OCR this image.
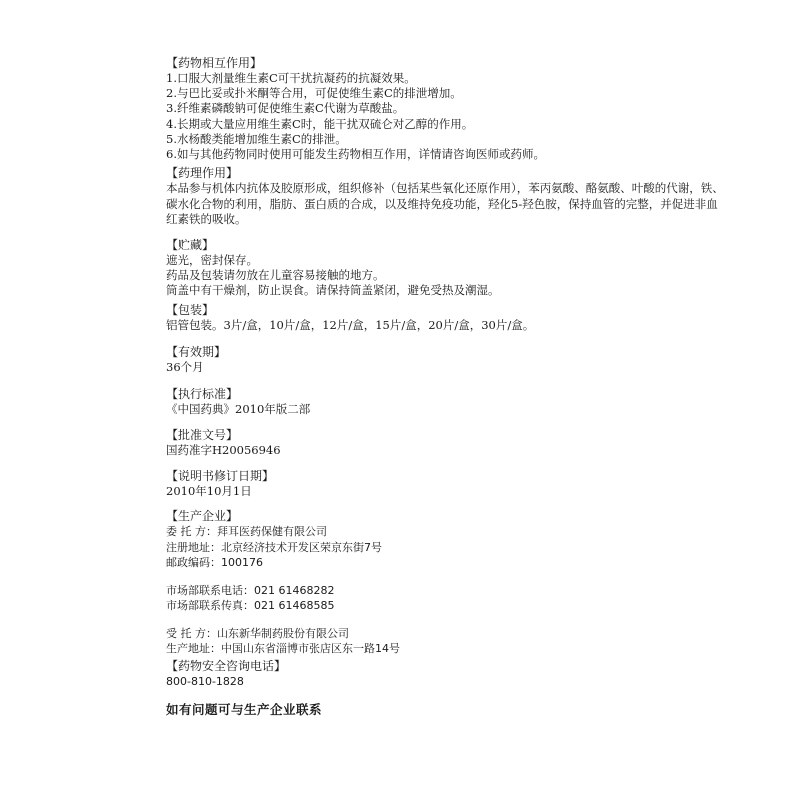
【药物相互作用】
1.口服大剂量维生素C可干扰抗凝药的抗凝效果。
2.与巴比妥或扑米酮等合用，可促使维生素C的排泄增加。
3.纤维素磷酸钠可促使维生素C代谢为草酸盐。
4.长期或大量应用维生素C时，能干扰双硫仑对乙醇的作用。
5.水杨酸类能增加维生素C的排泄。
6.如与其他药物同时使用可能发生药物相互作用，详情请咨询医师或药师。
【药理作用】
本品参与机体内抗体及胶原形成，组织修补（包括某些氧化还原作用），苯丙氨酸、酪氨酸、叶酸的代谢，铁、碳水化合物的利用，脂肪、蛋白质的合成，以及维持免疫功能，羟化5-羟色胺，保持血管的完整，并促进非血红素铁的吸收。
【贮藏】
遮光，密封保存。
药品及包装请勿放在儿童容易接触的地方。
筒盖中有干燥剂，防止误食。请保持筒盖紧闭，避免受热及潮湿。
【包装】
铝管包装。3片/盒，10片/盒，12片/盒，15片/盒，20片/盒，30片/盒。
【有效期】
36个月
【执行标准】
《中国药典》2010年版二部
【批准文号】
国药准字H20056946
【说明书修订日期】
2010年10月1日
【生产企业】
委 托 方：拜耳医药保健有限公司
注册地址：北京经济技术开发区荣京东街7号
邮政编码：100176
市场部联系电话：021 61468282
市场部联系传真：021 61468585
受 托 方：山东新华制药股份有限公司
生产地址：中国山东省淄博市张店区东一路14号
【药物安全咨询电话】
800-810-1828
如有问题可与生产企业联系
